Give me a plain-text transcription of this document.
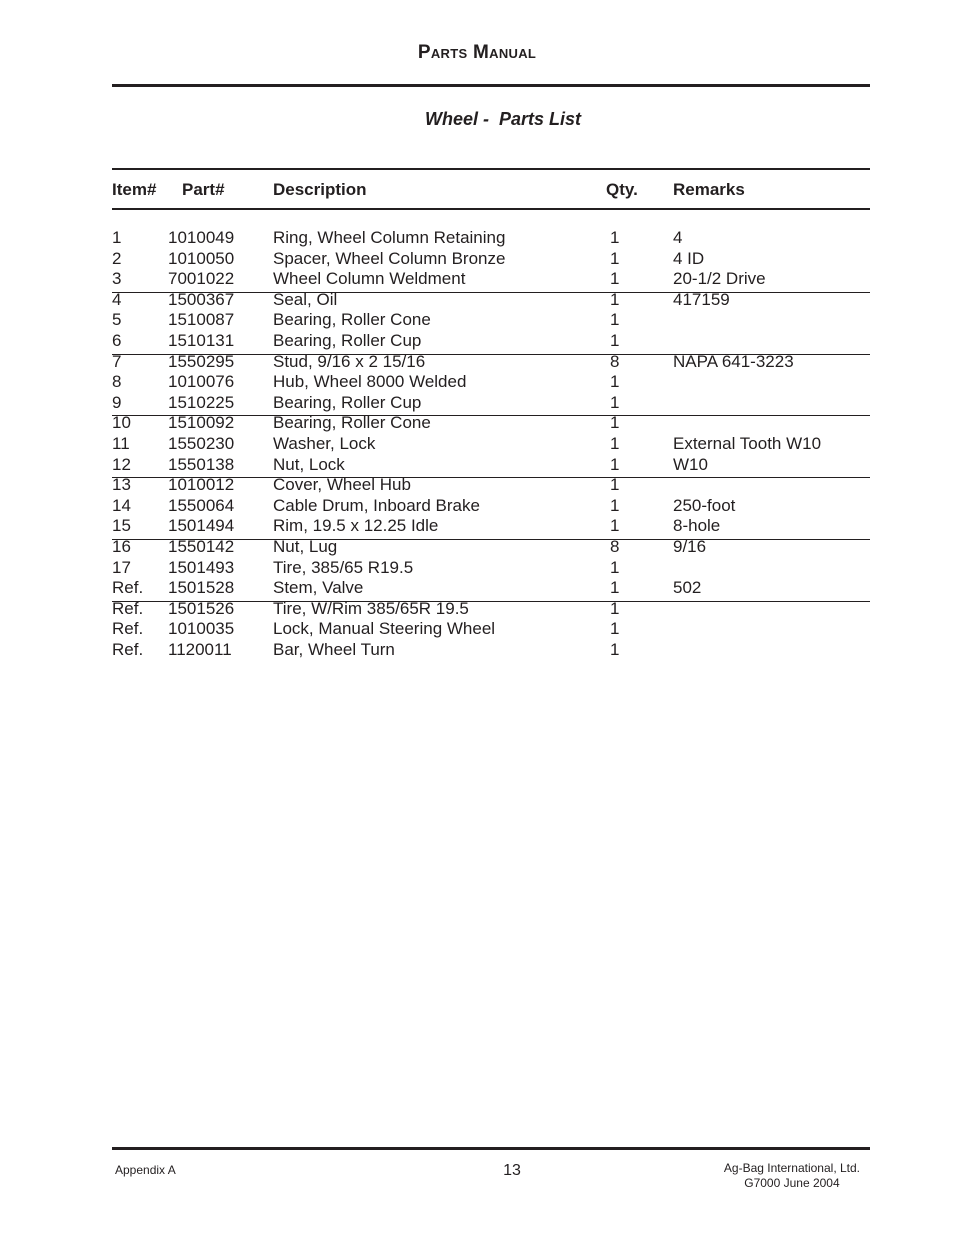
Parts Manual
Wheel -  Parts List
Item# Part#	Description	Qty. Remarks
1	1010049 Ring, Wheel Column Retaining	1	4
2	1010050 Spacer, Wheel Column Bronze	1	4 ID
3	7001022 Wheel Column Weldment	1	20-1/2 Drive
4	1500367 Seal, Oil	1	417159
5	1510087 Bearing, Roller Cone	1
6	1510131 Bearing, Roller Cup	1
7	1550295 Stud, 9/16 x 2 15/16	8	NAPA 641-3223
8	1010076 Hub, Wheel 8000 Welded	1
9	1510225 Bearing, Roller Cup	1
10 1510092 Bearing, Roller Cone	1
11 1550230 Washer, Lock	1	External Tooth W10
12 1550138 Nut, Lock	1	W10
13 1010012 Cover, Wheel Hub	1
14 1550064 Cable Drum, Inboard Brake	1	250-foot
15 1501494 Rim, 19.5 x 12.25 Idle	1	8-hole
16 1550142 Nut, Lug	8	9/16
17 1501493 Tire, 385/65 R19.5	1
Ref. 1501528 Stem, Valve	1	502
Ref. 1501526 Tire, W/Rim 385/65R 19.5	1
Ref. 1010035 Lock, Manual Steering Wheel	1
Ref. 1120011 Bar, Wheel Turn	1
Appendix A	13	Ag-Bag International, Ltd.
G7000 June 2004
